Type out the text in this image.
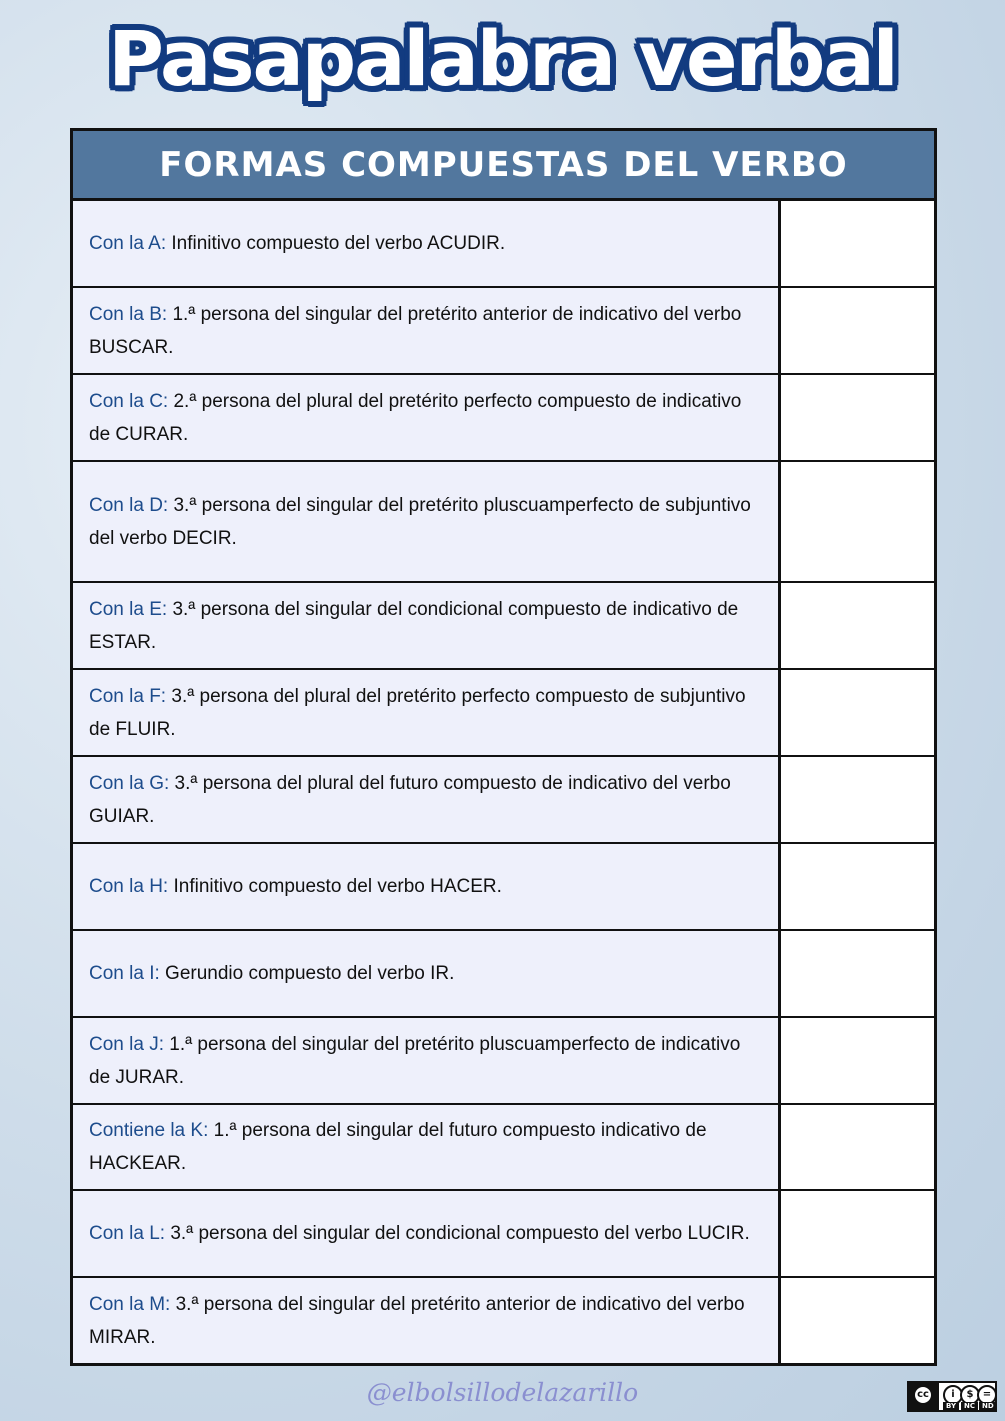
Pasapalabra verbal
FORMAS COMPUESTAS DEL VERBO
Con la A: Infinitivo compuesto del verbo ACUDIR.
Con la B: 1.ª persona del singular del pretérito anterior de indicativo del verbo BUSCAR.
Con la C: 2.ª persona del plural del pretérito perfecto compuesto de indicativo de CURAR.
Con la D: 3.ª persona del singular del pretérito pluscuamperfecto de subjuntivo del verbo DECIR.
Con la E: 3.ª persona del singular del condicional compuesto de indicativo de ESTAR.
Con la F: 3.ª persona del plural del pretérito perfecto compuesto de subjuntivo de FLUIR.
Con la G: 3.ª persona del plural del futuro compuesto de indicativo del verbo GUIAR.
Con la H: Infinitivo compuesto del verbo HACER.
Con la I: Gerundio compuesto del verbo IR.
Con la J: 1.ª persona del singular del pretérito pluscuamperfecto de indicativo de JURAR.
Contiene la K: 1.ª persona del singular del futuro compuesto indicativo de HACKEAR.
Con la L: 3.ª persona del singular del condicional compuesto del verbo LUCIR.
Con la M: 3.ª persona del singular del pretérito anterior de indicativo del verbo MIRAR.
@elbolsillodelazarillo	cc	i	$ =
BY	NC	ND
